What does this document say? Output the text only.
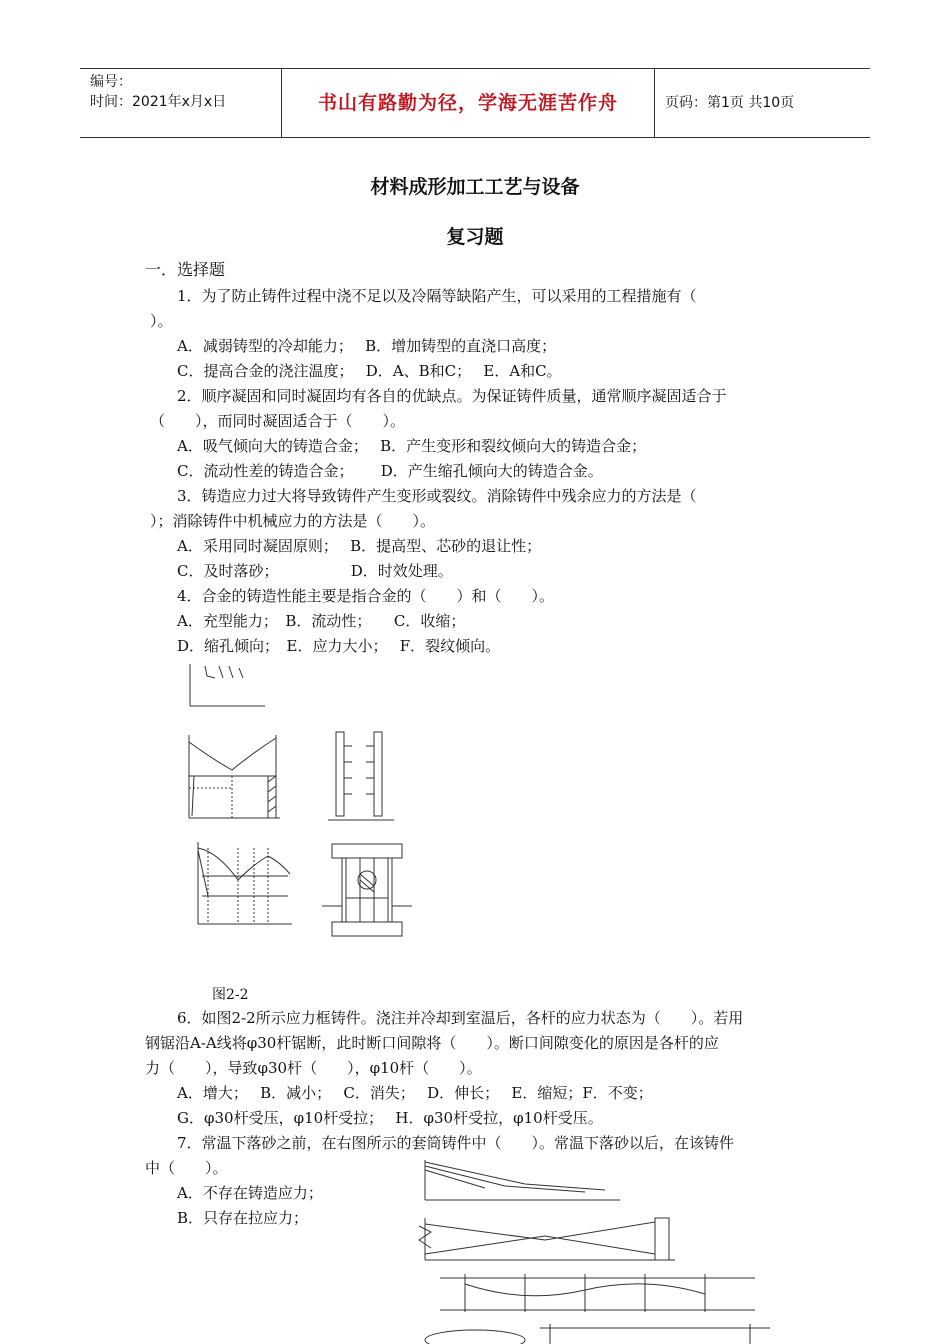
编号：
时间：2021年x月x日	书山有路勤为径，学海无涯苦作舟	页码：第1页 共10页
材料成形加工工艺与设备
复习题
一．选择题
1．为了防止铸件过程中浇不足以及冷隔等缺陷产生，可以采用的工程措施有（
）。
A．减弱铸型的冷却能力；　 B．增加铸型的直浇口高度；
C．提高合金的浇注温度；　 D．A、B和C；　 E．A和C。
2．顺序凝固和同时凝固均有各自的优缺点。为保证铸件质量，通常顺序凝固适合于
（　　），而同时凝固适合于（　　）。
A．吸气倾向大的铸造合金；　 B．产生变形和裂纹倾向大的铸造合金；
C．流动性差的铸造合金；　　 D．产生缩孔倾向大的铸造合金。
3．铸造应力过大将导致铸件产生变形或裂纹。消除铸件中残余应力的方法是（
）；消除铸件中机械应力的方法是（　　）。
A．采用同时凝固原则；　 B．提高型、芯砂的退让性；
C．及时落砂；　　　　　 D．时效处理。
4．合金的铸造性能主要是指合金的（　　）和（　　）。
A．充型能力；　B．流动性；　　C．收缩；
D．缩孔倾向；　E．应力大小；　 F．裂纹倾向。
图2-2
6．如图2-2所示应力框铸件。浇注并冷却到室温后，各杆的应力状态为（　　）。若用
钢锯沿A-A线将φ30杆锯断，此时断口间隙将（　　）。断口间隙变化的原因是各杆的应
力（　　），导致φ30杆（　　），φ10杆（　　）。
A．增大；　 B．减小；　 C．消失；　 D．伸长；　 E．缩短；F．不变；
G．φ30杆受压，φ10杆受拉；　 H．φ30杆受拉，φ10杆受压。
7．常温下落砂之前，在右图所示的套筒铸件中（　　）。常温下落砂以后，在该铸件
中（　　）。
A．不存在铸造应力；
B．只存在拉应力；
